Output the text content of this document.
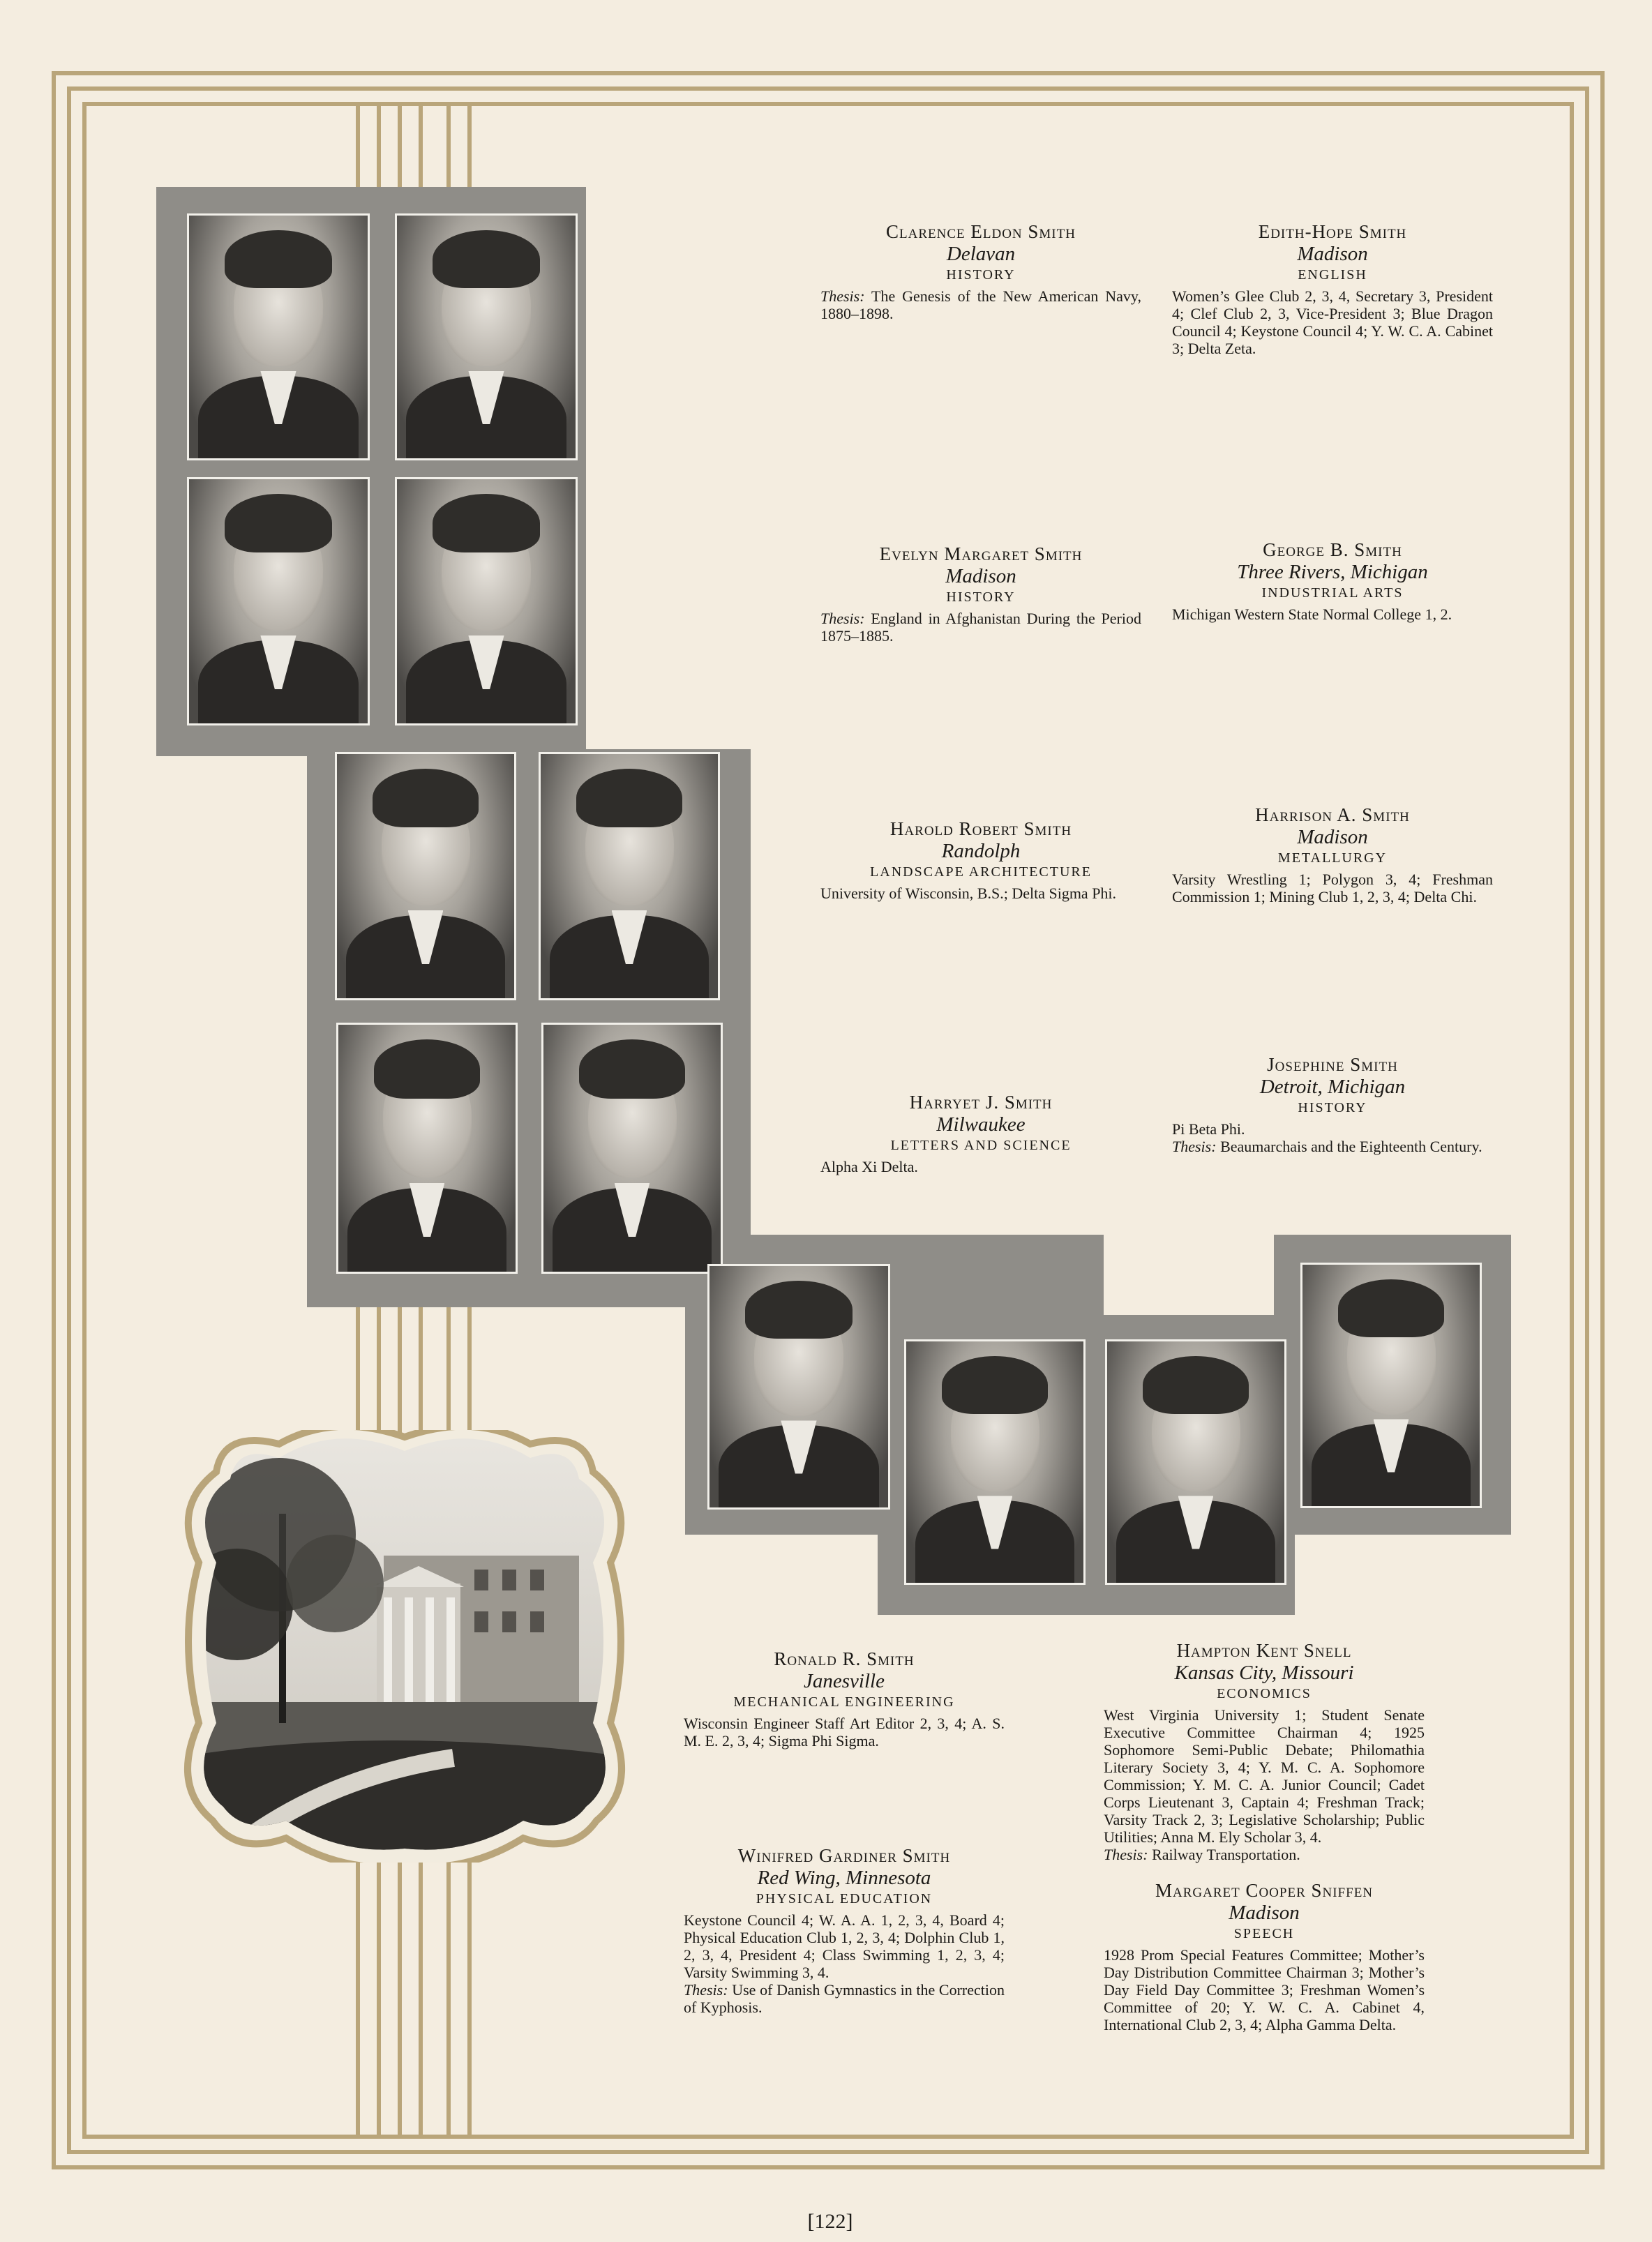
Clarence Eldon Smith
Delavan
HISTORY
Thesis: The Genesis of the New American Navy, 1880–1898.
Edith-Hope Smith
Madison
ENGLISH
Women’s Glee Club 2, 3, 4, Secretary 3, President 4; Clef Club 2, 3, Vice-President 3; Blue Dragon Council 4; Keystone Council 4; Y. W. C. A. Cabinet 3; Delta Zeta.
Evelyn Margaret Smith
Madison
HISTORY
Thesis: England in Afghanistan During the Period 1875–1885.
George B. Smith
Three Rivers, Michigan
INDUSTRIAL ARTS
Michigan Western State Normal College 1, 2.
Harold Robert Smith
Randolph
LANDSCAPE ARCHITECTURE
University of Wisconsin, B.S.; Delta Sigma Phi.
Harrison A. Smith
Madison
METALLURGY
Varsity Wrestling 1; Polygon 3, 4; Freshman Commission 1; Mining Club 1, 2, 3, 4; Delta Chi.
Harryet J. Smith
Milwaukee
LETTERS AND SCIENCE
Alpha Xi Delta.
Josephine Smith
Detroit, Michigan
HISTORY
Pi Beta Phi.
Thesis: Beaumarchais and the Eighteenth Century.
Ronald R. Smith
Janesville
MECHANICAL ENGINEERING
Wisconsin Engineer Staff Art Editor 2, 3, 4; A. S. M. E. 2, 3, 4; Sigma Phi Sigma.
Hampton Kent Snell
Kansas City, Missouri
ECONOMICS
West Virginia University 1; Student Senate Executive Committee Chairman 4; 1925 Sophomore Semi-Public Debate; Philomathia Literary Society 3, 4; Y. M. C. A. Sophomore Commission; Y. M. C. A. Junior Council; Cadet Corps Lieutenant 3, Captain 4; Freshman Track; Varsity Track 2, 3; Legislative Scholarship; Public Utilities; Anna M. Ely Scholar 3, 4.
Thesis: Railway Transportation.
Winifred Gardiner Smith
Red Wing, Minnesota
PHYSICAL EDUCATION
Keystone Council 4; W. A. A. 1, 2, 3, 4, Board 4; Physical Education Club 1, 2, 3, 4; Dolphin Club 1, 2, 3, 4, President 4; Class Swimming 1, 2, 3, 4; Varsity Swimming 3, 4.
Thesis: Use of Danish Gymnastics in the Correction of Kyphosis.
Margaret Cooper Sniffen
Madison
SPEECH
1928 Prom Special Features Committee; Mother’s Day Distribution Committee Chairman 3; Mother’s Day Field Day Committee 3; Freshman Women’s Committee of 20; Y. W. C. A. Cabinet 4, International Club 2, 3, 4; Alpha Gamma Delta.
[122]
